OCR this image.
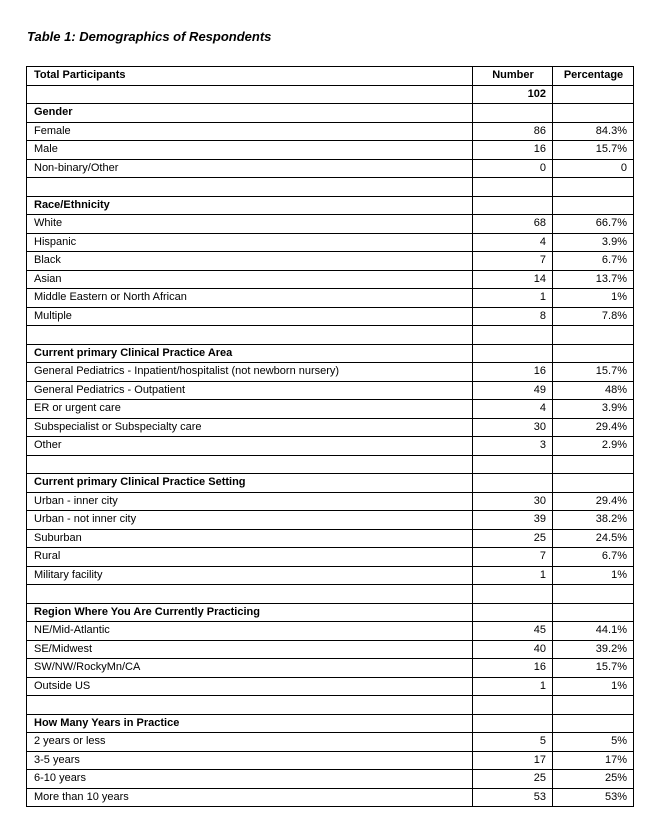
Table 1: Demographics of Respondents
Total Participants	Number	Percentage
	102	
Gender		
Female	86	84.3%
Male	16	15.7%
Non-binary/Other	0	0

Race/Ethnicity		
White	68	66.7%
Hispanic	4	3.9%
Black	7	6.7%
Asian	14	13.7%
Middle Eastern or North African	1	1%
Multiple	8	7.8%

Current primary Clinical Practice Area		
General Pediatrics - Inpatient/hospitalist (not newborn nursery)	16	15.7%
General Pediatrics - Outpatient	49	48%
ER or urgent care	4	3.9%
Subspecialist or Subspecialty care	30	29.4%
Other	3	2.9%

Current primary Clinical Practice Setting		
Urban - inner city	30	29.4%
Urban - not inner city	39	38.2%
Suburban	25	24.5%
Rural	7	6.7%
Military facility	1	1%

Region Where You Are Currently Practicing		
NE/Mid-Atlantic	45	44.1%
SE/Midwest	40	39.2%
SW/NW/RockyMn/CA	16	15.7%
Outside US	1	1%

How Many Years in Practice		
2 years or less	5	5%
3-5 years	17	17%
6-10 years	25	25%
More than 10 years	53	53%
